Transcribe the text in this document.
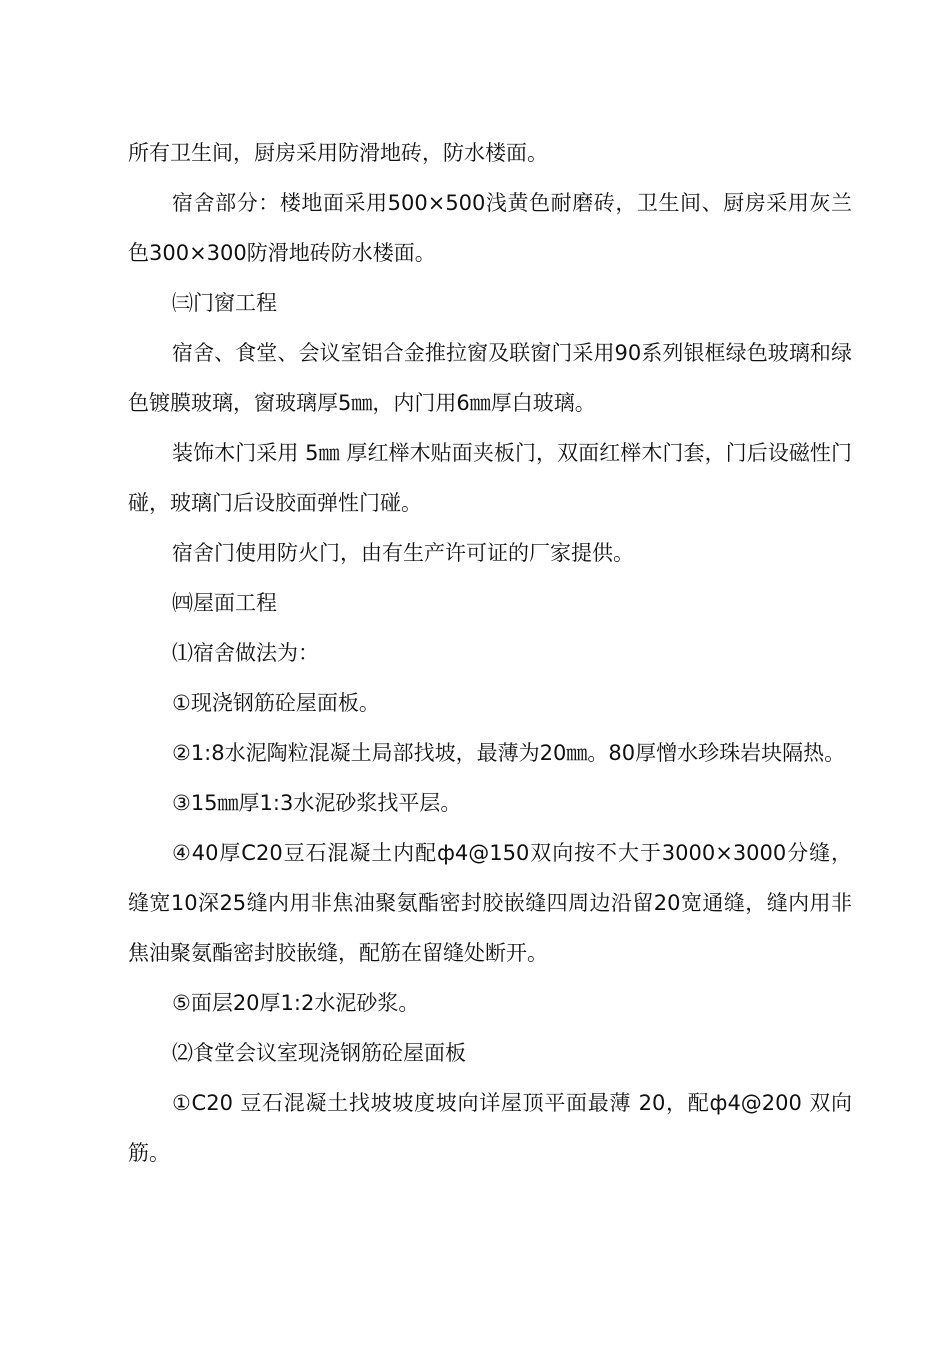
所有卫生间，厨房采用防滑地砖，防水楼面。

宿舍部分：楼地面采用500×500浅黄色耐磨砖，卫生间、厨房采用灰兰色300×300防滑地砖防水楼面。

㈢门窗工程

宿舍、食堂、会议室铝合金推拉窗及联窗门采用90系列银框绿色玻璃和绿色镀膜玻璃，窗玻璃厚5㎜，内门用6㎜厚白玻璃。

装饰木门采用 5㎜ 厚红榉木贴面夹板门，双面红榉木门套，门后设磁性门碰，玻璃门后设胶面弹性门碰。

宿舍门使用防火门，由有生产许可证的厂家提供。

㈣屋面工程

⑴宿舍做法为：

①现浇钢筋砼屋面板。

②1:8水泥陶粒混凝土局部找坡，最薄为20㎜。80厚憎水珍珠岩块隔热。

③15㎜厚1:3水泥砂浆找平层。

④40厚C20豆石混凝土内配ф4@150双向按不大于3000×3000分缝，缝宽10深25缝内用非焦油聚氨酯密封胶嵌缝四周边沿留20宽通缝，缝内用非焦油聚氨酯密封胶嵌缝，配筋在留缝处断开。

⑤面层20厚1:2水泥砂浆。

⑵食堂会议室现浇钢筋砼屋面板

①C20 豆石混凝土找坡坡度坡向详屋顶平面最薄 20，配ф4@200 双向筋。
